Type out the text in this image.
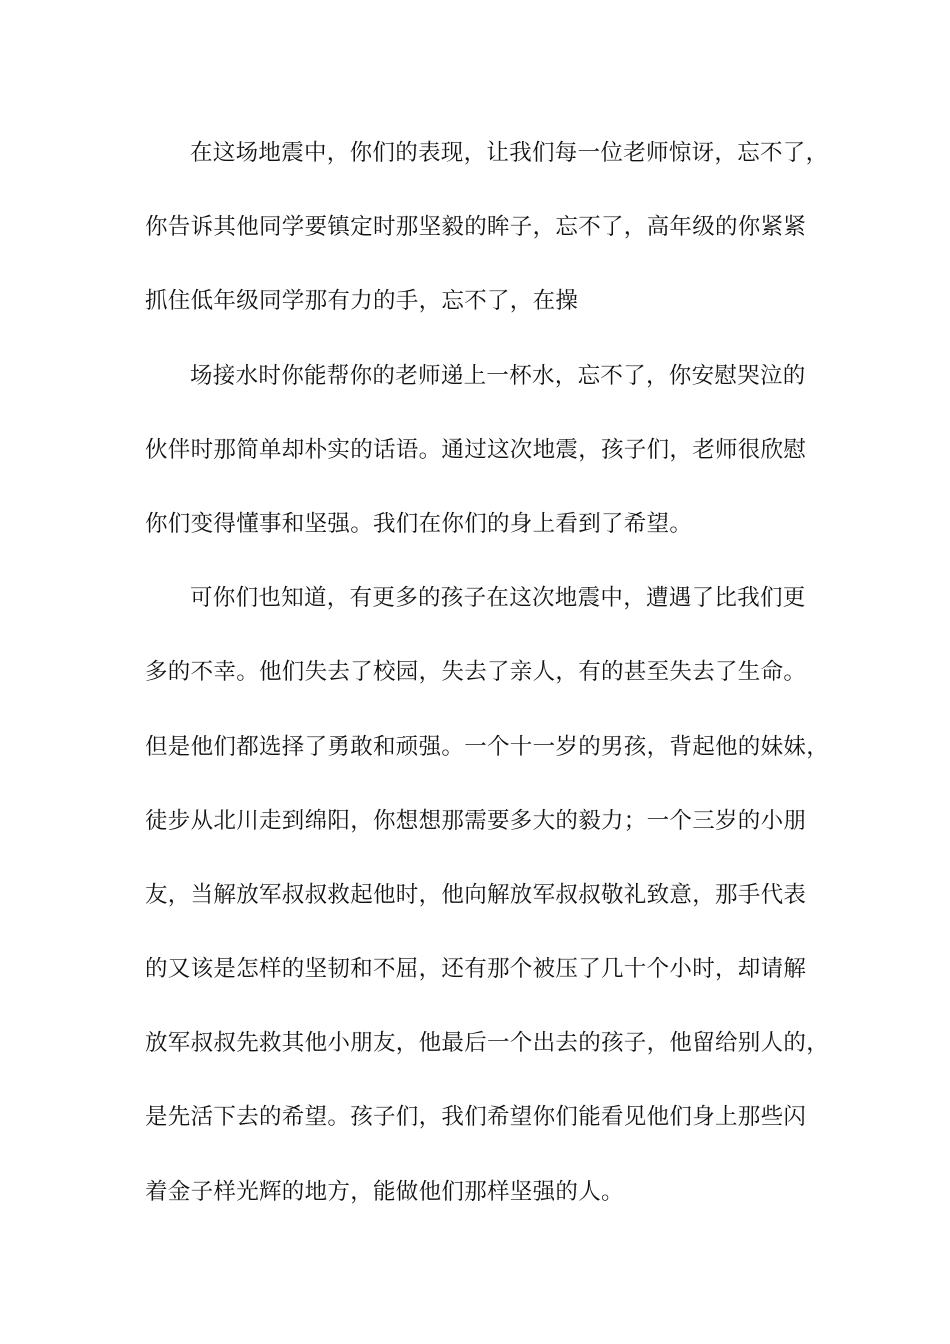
在这场地震中，你们的表现，让我们每一位老师惊讶，忘不了，
你告诉其他同学要镇定时那坚毅的眸子，忘不了，高年级的你紧紧
抓住低年级同学那有力的手，忘不了，在操
场接水时你能帮你的老师递上一杯水，忘不了，你安慰哭泣的
伙伴时那简单却朴实的话语。通过这次地震，孩子们，老师很欣慰
你们变得懂事和坚强。我们在你们的身上看到了希望。
可你们也知道，有更多的孩子在这次地震中，遭遇了比我们更
多的不幸。他们失去了校园，失去了亲人，有的甚至失去了生命。
但是他们都选择了勇敢和顽强。一个十一岁的男孩，背起他的妹妹，
徒步从北川走到绵阳，你想想那需要多大的毅力；一个三岁的小朋
友，当解放军叔叔救起他时，他向解放军叔叔敬礼致意，那手代表
的又该是怎样的坚韧和不屈，还有那个被压了几十个小时，却请解
放军叔叔先救其他小朋友，他最后一个出去的孩子，他留给别人的，
是先活下去的希望。孩子们，我们希望你们能看见他们身上那些闪
着金子样光辉的地方，能做他们那样坚强的人。
